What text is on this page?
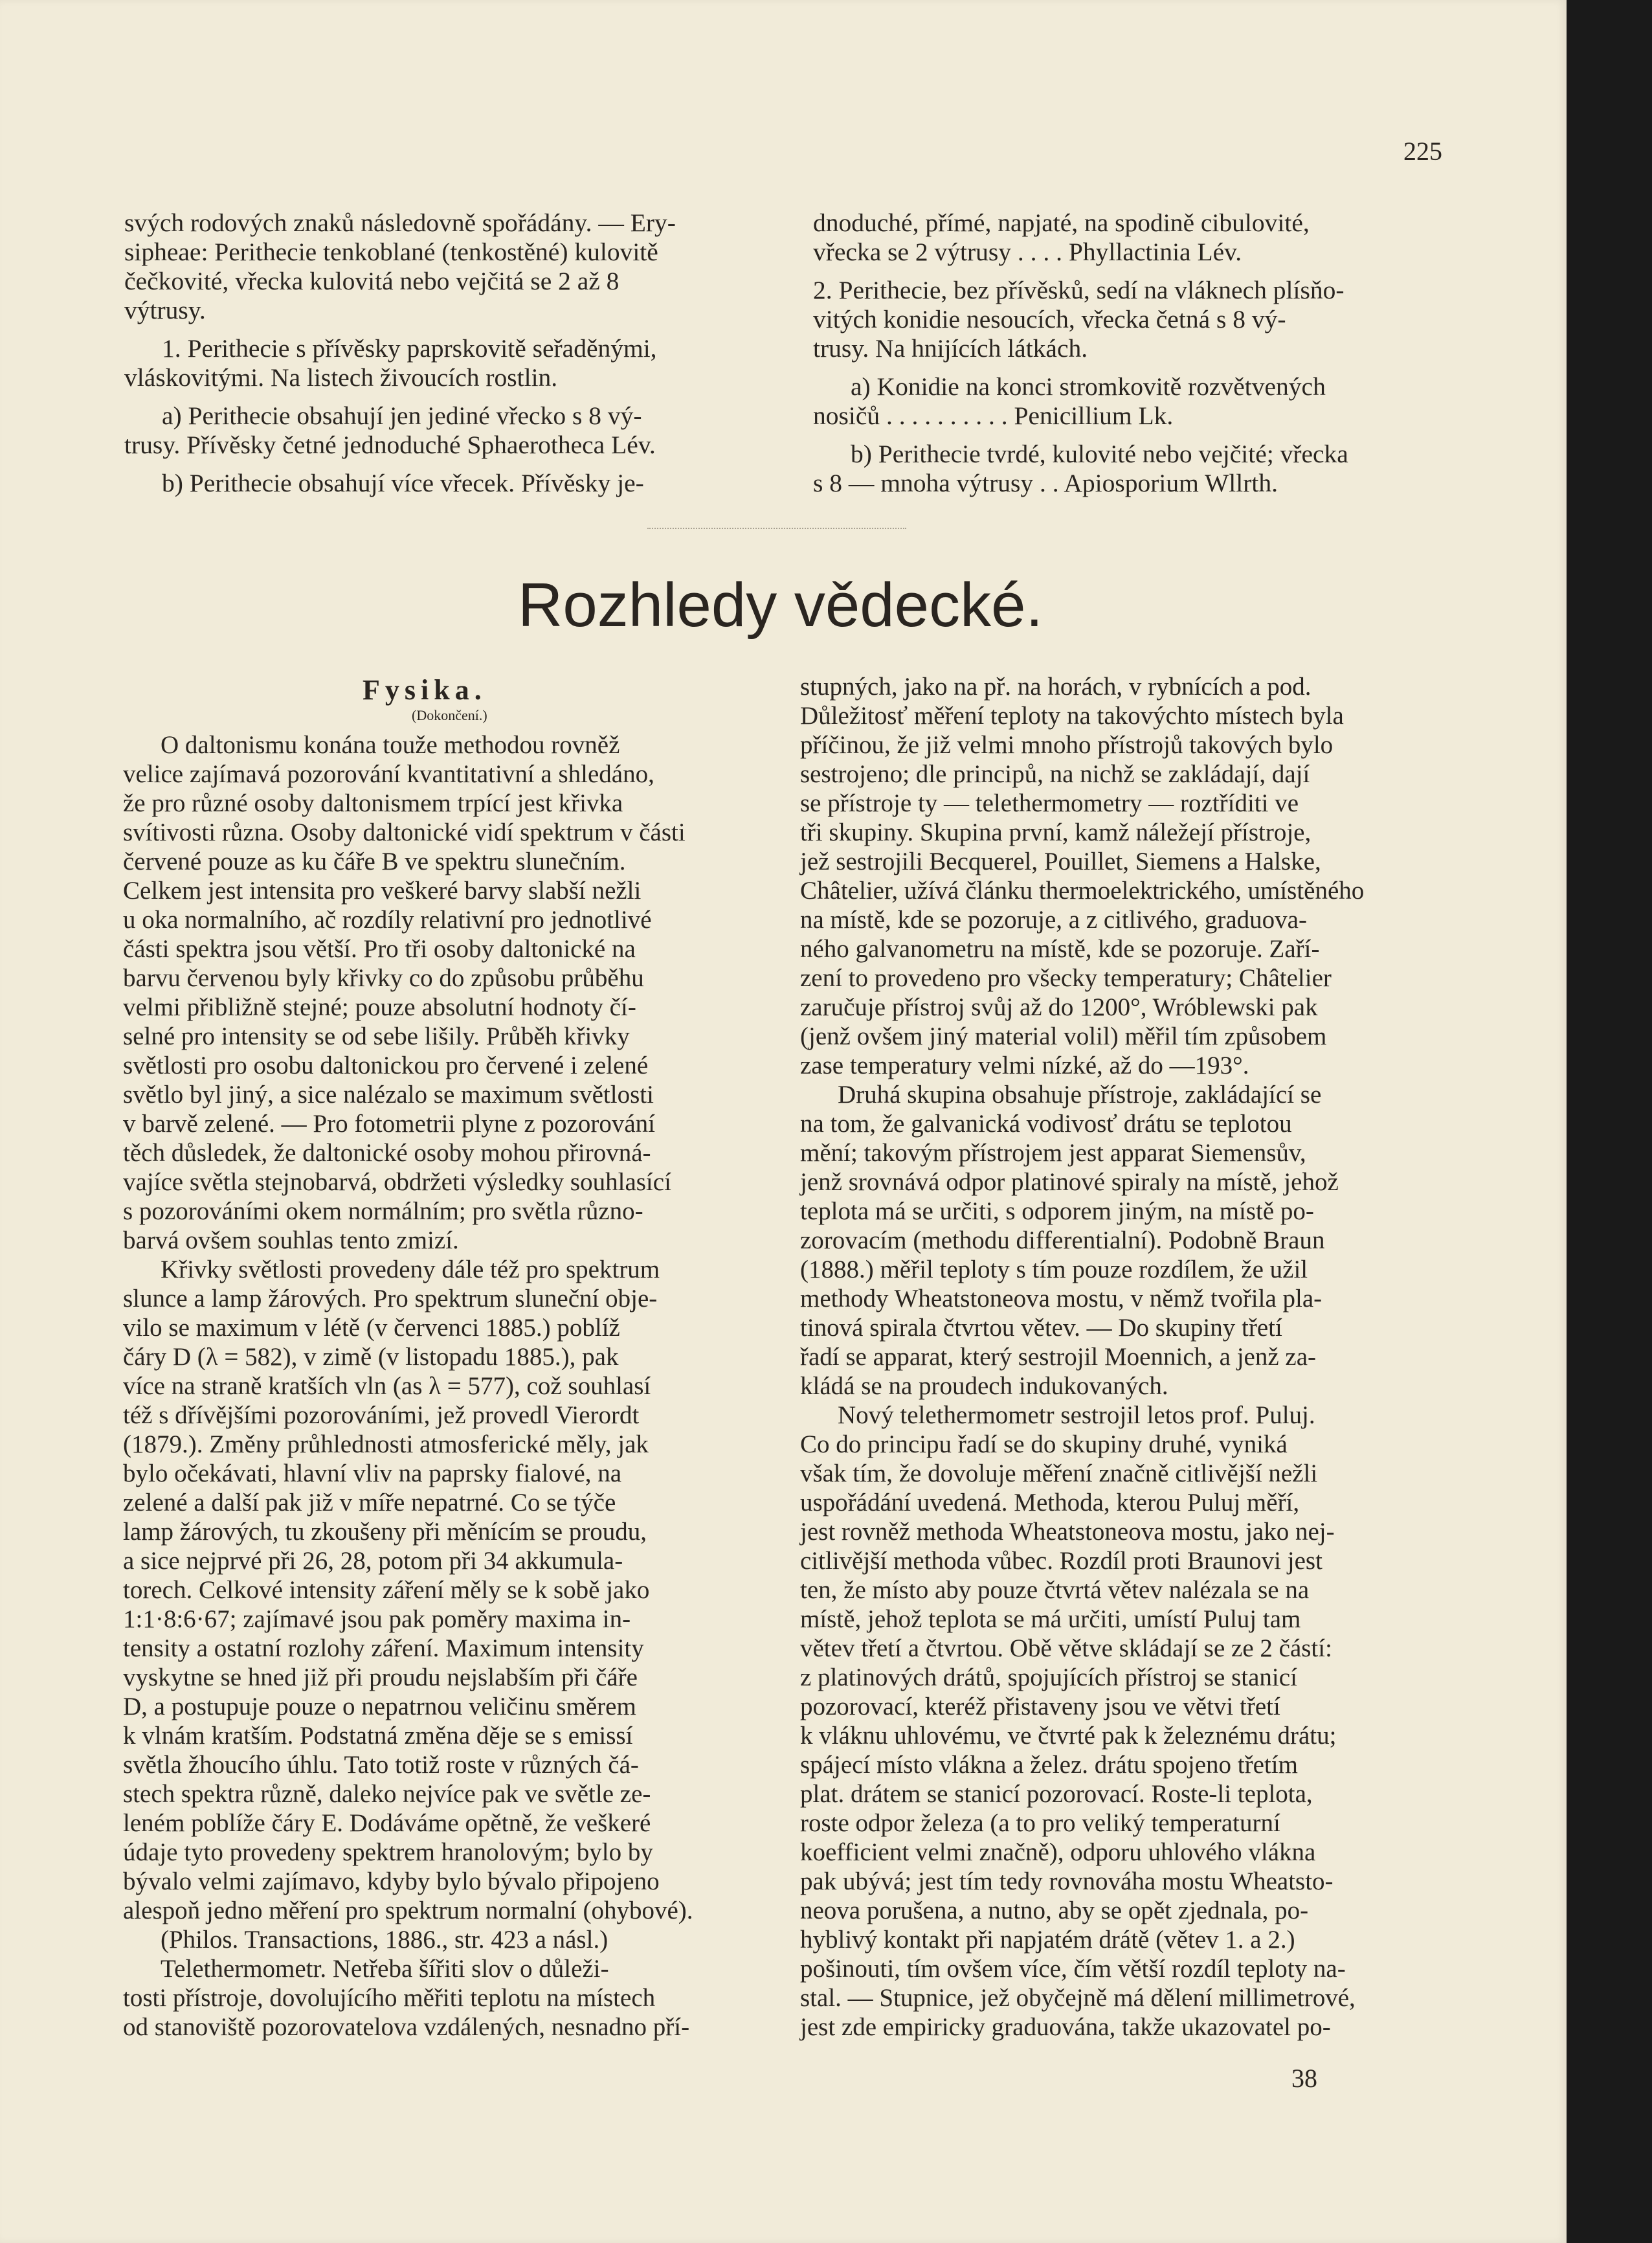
225

svých rodových znaků následovně spořádány. — Ery-

sipheae: Perithecie tenkoblané (tenkostěné) kulovitě

čečkovité, vřecka kulovitá nebo vejčitá se 2 až 8

výtrusy.

1. Perithecie s přívěsky paprskovitě seřaděnými,

vláskovitými. Na listech živoucích rostlin.

a) Perithecie obsahují jen jediné vřecko s 8 vý-

trusy. Přívěsky četné jednoduché Sphaerotheca Lév.

b) Perithecie obsahují více vřecek. Přívěsky je-

dnoduché, přímé, napjaté, na spodině cibulovité,

vřecka se 2 výtrusy . . . . Phyllactinia Lév.

2. Perithecie, bez přívěsků, sedí na vláknech plísňo-

vitých konidie nesoucích, vřecka četná s 8 vý-

trusy. Na hnijících látkách.

a) Konidie na konci stromkovitě rozvětvených

nosičů . . . . . . . . . . Penicillium Lk.

b) Perithecie tvrdé, kulovité nebo vejčité; vřecka

s 8 — mnoha výtrusy . . Apiosporium Wllrth.

Rozhledy vědecké.
Fysika.
(Dokončení.)

O daltonismu konána touže methodou rovněž

velice zajímavá pozorování kvantitativní a shledáno,

že pro různé osoby daltonismem trpící jest křivka

svítivosti různa. Osoby daltonické vidí spektrum v části

červené pouze as ku čáře B ve spektru slunečním.

Celkem jest intensita pro veškeré barvy slabší nežli

u oka normalního, ač rozdíly relativní pro jednotlivé

části spektra jsou větší. Pro tři osoby daltonické na

barvu červenou byly křivky co do způsobu průběhu

velmi přibližně stejné; pouze absolutní hodnoty čí-

selné pro intensity se od sebe lišily. Průběh křivky

světlosti pro osobu daltonickou pro červené i zelené

světlo byl jiný, a sice nalézalo se maximum světlosti

v barvě zelené. — Pro fotometrii plyne z pozorování

těch důsledek, že daltonické osoby mohou přirovná-

vajíce světla stejnobarvá, obdržeti výsledky souhlasící

s pozorováními okem normálním; pro světla různo-

barvá ovšem souhlas tento zmizí.

Křivky světlosti provedeny dále též pro spektrum

slunce a lamp žárových. Pro spektrum sluneční obje-

vilo se maximum v létě (v červenci 1885.) poblíž

čáry D (λ = 582), v zimě (v listopadu 1885.), pak

více na straně kratších vln (as λ = 577), což souhlasí

též s dřívějšími pozorováními, jež provedl Vierordt

(1879.). Změny průhlednosti atmosferické měly, jak

bylo očekávati, hlavní vliv na paprsky fialové, na

zelené a další pak již v míře nepatrné. Co se týče

lamp žárových, tu zkoušeny při měnícím se proudu,

a sice nejprvé při 26, 28, potom při 34 akkumula-

torech. Celkové intensity záření měly se k sobě jako

1:1·8:6·67; zajímavé jsou pak poměry maxima in-

tensity a ostatní rozlohy záření. Maximum intensity

vyskytne se hned již při proudu nejslabším při čáře

D, a postupuje pouze o nepatrnou veličinu směrem

k vlnám kratším. Podstatná změna děje se s emissí

světla žhoucího úhlu. Tato totiž roste v různých čá-

stech spektra různě, daleko nejvíce pak ve světle ze-

leném poblíže čáry E. Dodáváme opětně, že veškeré

údaje tyto provedeny spektrem hranolovým; bylo by

bývalo velmi zajímavo, kdyby bylo bývalo připojeno

alespoň jedno měření pro spektrum normalní (ohybové).

(Philos. Transactions, 1886., str. 423 a násl.)

Telethermometr. Netřeba šířiti slov o důleži-

tosti přístroje, dovolujícího měřiti teplotu na místech

od stanoviště pozorovatelova vzdálených, nesnadno pří-

stupných, jako na př. na horách, v rybnících a pod.

Důležitosť měření teploty na takovýchto místech byla

příčinou, že již velmi mnoho přístrojů takových bylo

sestrojeno; dle principů, na nichž se zakládají, dají

se přístroje ty — telethermometry — roztříditi ve

tři skupiny. Skupina první, kamž náležejí přístroje,

jež sestrojili Becquerel, Pouillet, Siemens a Halske,

Châtelier, užívá článku thermoelektrického, umístěného

na místě, kde se pozoruje, a z citlivého, graduova-

ného galvanometru na místě, kde se pozoruje. Zaří-

zení to provedeno pro všecky temperatury; Châtelier

zaručuje přístroj svůj až do 1200°, Wróblewski pak

(jenž ovšem jiný material volil) měřil tím způsobem

zase temperatury velmi nízké, až do —193°.

Druhá skupina obsahuje přístroje, zakládající se

na tom, že galvanická vodivosť drátu se teplotou

mění; takovým přístrojem jest apparat Siemensův,

jenž srovnává odpor platinové spiraly na místě, jehož

teplota má se určiti, s odporem jiným, na místě po-

zorovacím (methodu differentialní). Podobně Braun

(1888.) měřil teploty s tím pouze rozdílem, že užil

methody Wheatstoneova mostu, v němž tvořila pla-

tinová spirala čtvrtou větev. — Do skupiny třetí

řadí se apparat, který sestrojil Moennich, a jenž za-

kládá se na proudech indukovaných.

Nový telethermometr sestrojil letos prof. Puluj.

Co do principu řadí se do skupiny druhé, vyniká

však tím, že dovoluje měření značně citlivější nežli

uspořádání uvedená. Methoda, kterou Puluj měří,

jest rovněž methoda Wheatstoneova mostu, jako nej-

citlivější methoda vůbec. Rozdíl proti Braunovi jest

ten, že místo aby pouze čtvrtá větev nalézala se na

místě, jehož teplota se má určiti, umístí Puluj tam

větev třetí a čtvrtou. Obě větve skládají se ze 2 částí:

z platinových drátů, spojujících přístroj se stanicí

pozorovací, kteréž přistaveny jsou ve větvi třetí

k vláknu uhlovému, ve čtvrté pak k železnému drátu;

spájecí místo vlákna a želez. drátu spojeno třetím

plat. drátem se stanicí pozorovací. Roste-li teplota,

roste odpor železa (a to pro veliký temperaturní

koefficient velmi značně), odporu uhlového vlákna

pak ubývá; jest tím tedy rovnováha mostu Wheatsto-

neova porušena, a nutno, aby se opět zjednala, po-

hyblivý kontakt při napjatém drátě (větev 1. a 2.)

pošinouti, tím ovšem více, čím větší rozdíl teploty na-

stal. — Stupnice, jež obyčejně má dělení millimetrové,

jest zde empiricky graduována, takže ukazovatel po-

38
